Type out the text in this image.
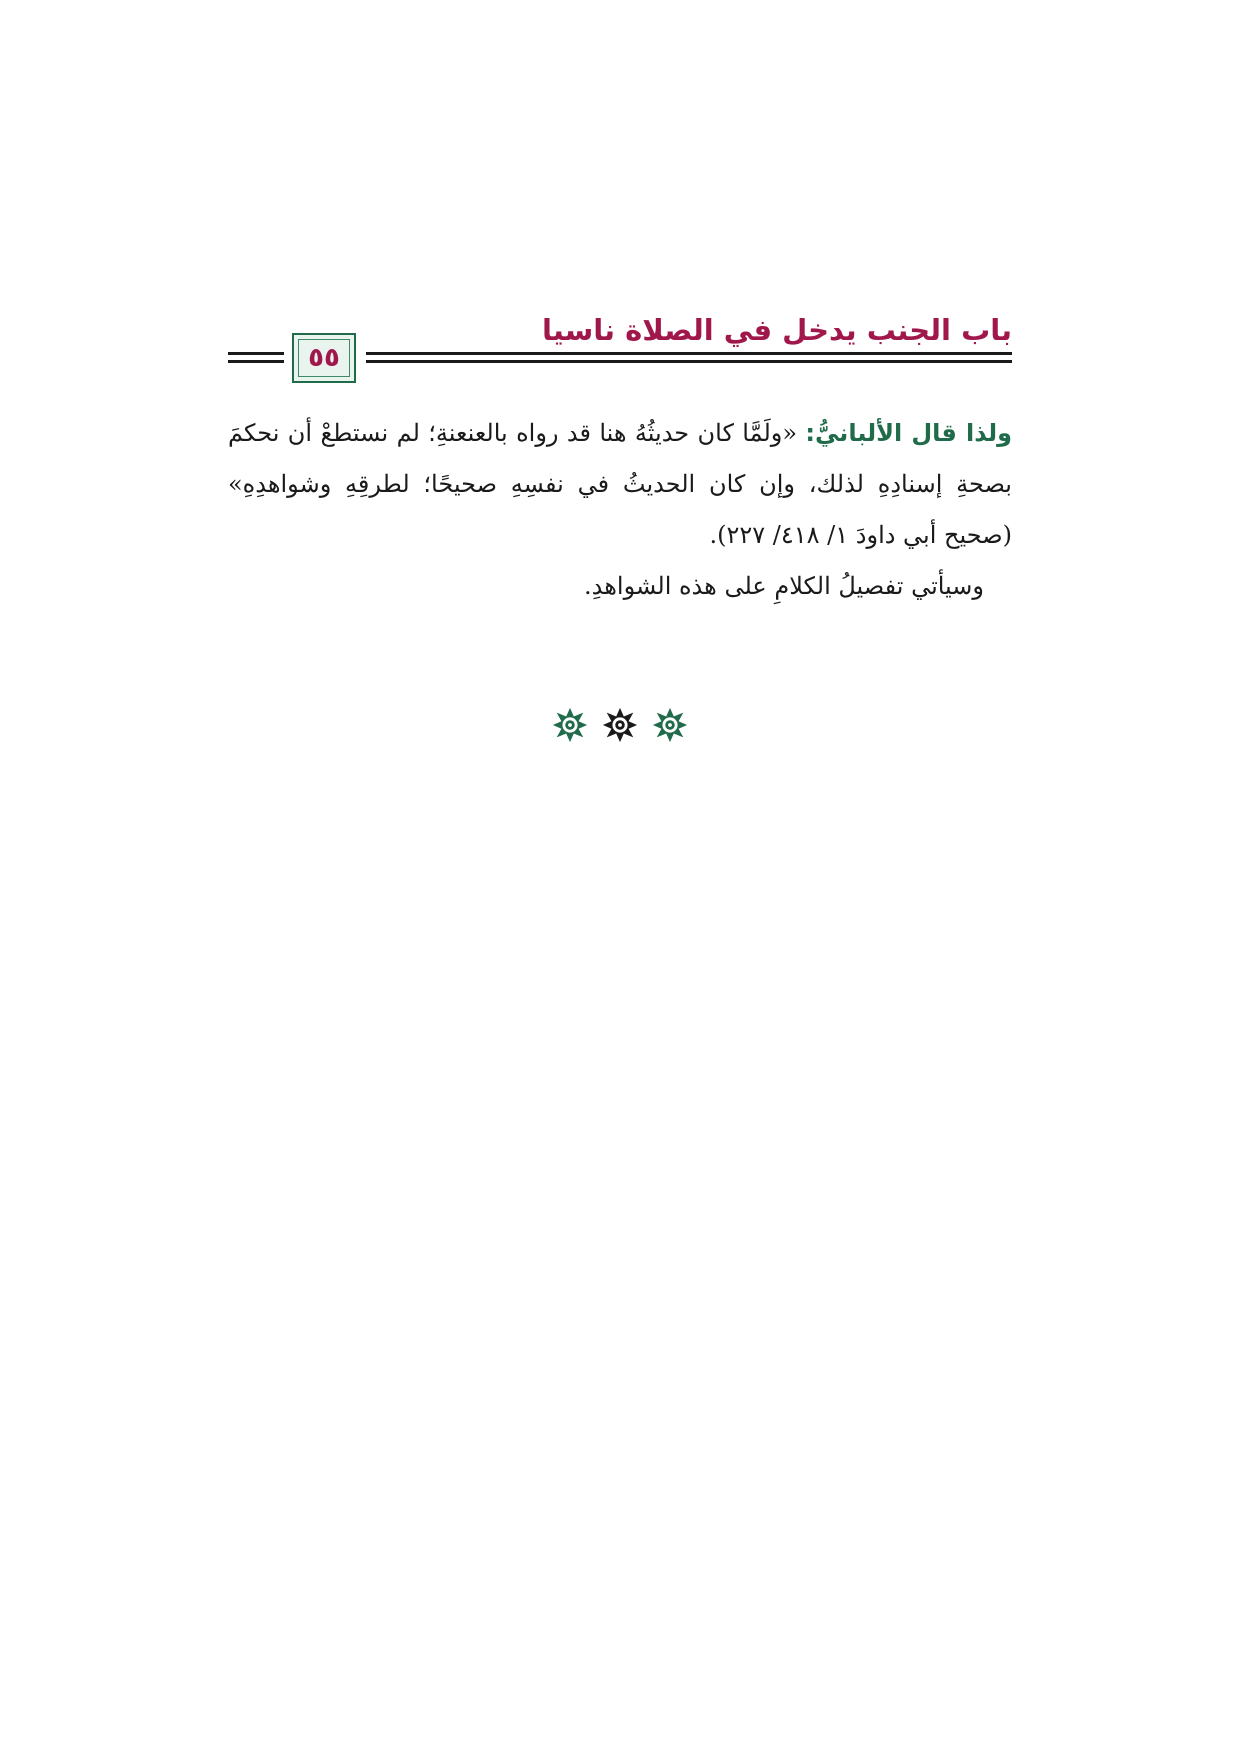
باب الجنب يدخل في الصلاة ناسيا
٥٥

ولذا قال الألبانيُّ: «ولَمَّا كان حديثُهُ هنا قد رواه بالعنعنةِ؛ لم نستطعْ أن نحكمَ بصحةِ إسنادِهِ لذلك، وإن كان الحديثُ في نفسِهِ صحيحًا؛ لطرقِهِ وشواهدِهِ» (صحيح أبي داودَ ١/ ٤١٨/ ٢٢٧).

وسيأتي تفصيلُ الكلامِ على هذه الشواهدِ.
